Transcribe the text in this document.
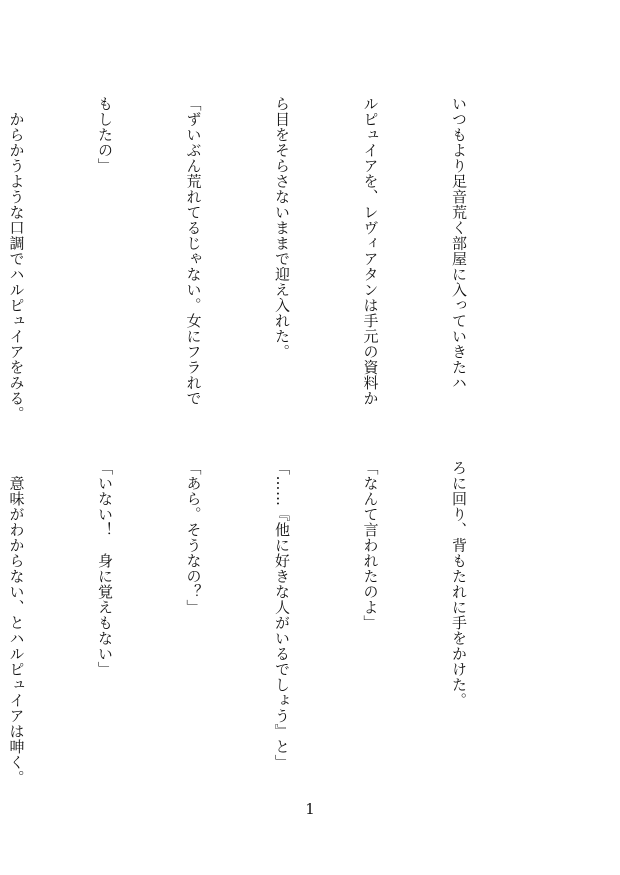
いつもより足音荒く部屋に入っていきたハ

ルピュイアを、レヴィアタンは手元の資料か

ら目をそらさないままで迎え入れた。

「ずいぶん荒れてるじゃない。女にフラれで

もしたの」

　からかうような口調でハルピュイアをみる。

ろに回り、背もたれに手をかけた。

「なんて言われたのよ」

「……『他に好きな人がいるでしょう』と」

「あら。そうなの？」

「いない！　身に覚えもない」

　意味がわからない、とハルピュイアは呻く。

1
